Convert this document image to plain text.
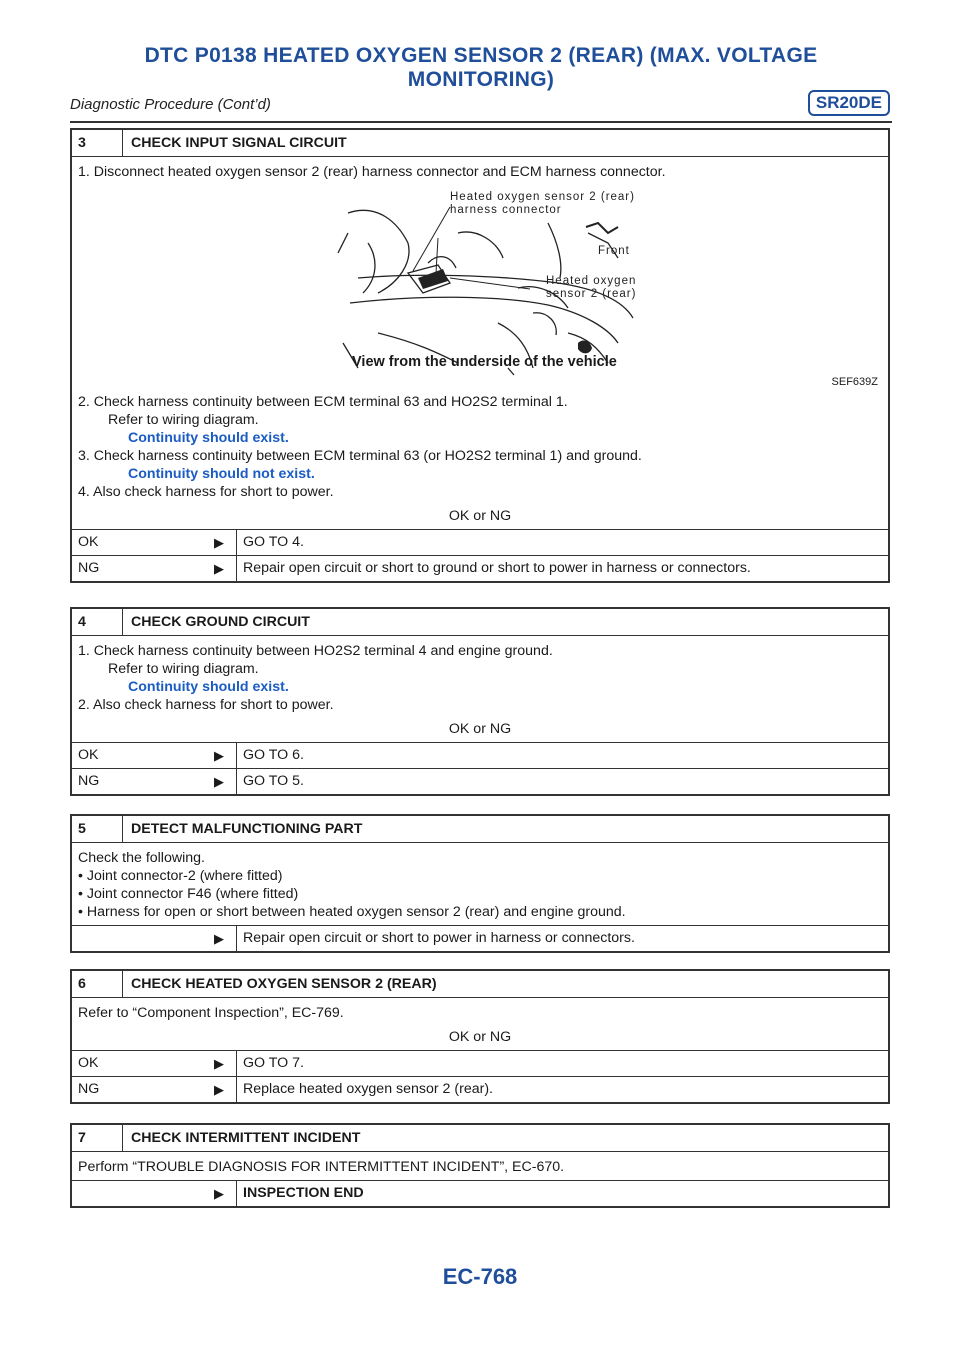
DTC P0138 HEATED OXYGEN SENSOR 2 (REAR) (MAX. VOLTAGE
MONITORING)
Diagnostic Procedure (Cont’d)	SR20DE
3	CHECK INPUT SIGNAL CIRCUIT
1. Disconnect heated oxygen sensor 2 (rear) harness connector and ECM harness connector.
Heated oxygen sensor 2 (rear)
harness connector
Front
Heated oxygen
sensor 2 (rear)
View from the underside of the vehicle
SEF639Z
2. Check harness continuity between ECM terminal 63 and HO2S2 terminal 1.
Refer to wiring diagram.
Continuity should exist.
3. Check harness continuity between ECM terminal 63 (or HO2S2 terminal 1) and ground.
Continuity should not exist.
4. Also check harness for short to power.
OK or NG
OK	▶	GO TO 4.
NG	▶	Repair open circuit or short to ground or short to power in harness or connectors.
4	CHECK GROUND CIRCUIT
1. Check harness continuity between HO2S2 terminal 4 and engine ground.
Refer to wiring diagram.
Continuity should exist.
2. Also check harness for short to power.
OK or NG
OK	▶	GO TO 6.
NG	▶	GO TO 5.
5	DETECT MALFUNCTIONING PART
Check the following.
• Joint connector-2 (where fitted)
• Joint connector F46 (where fitted)
• Harness for open or short between heated oxygen sensor 2 (rear) and engine ground.
▶	Repair open circuit or short to power in harness or connectors.
6	CHECK HEATED OXYGEN SENSOR 2 (REAR)
Refer to “Component Inspection”, EC-769.
OK or NG
OK	▶	GO TO 7.
NG	▶	Replace heated oxygen sensor 2 (rear).
7	CHECK INTERMITTENT INCIDENT
Perform “TROUBLE DIAGNOSIS FOR INTERMITTENT INCIDENT”, EC-670.
▶	INSPECTION END
EC-768
